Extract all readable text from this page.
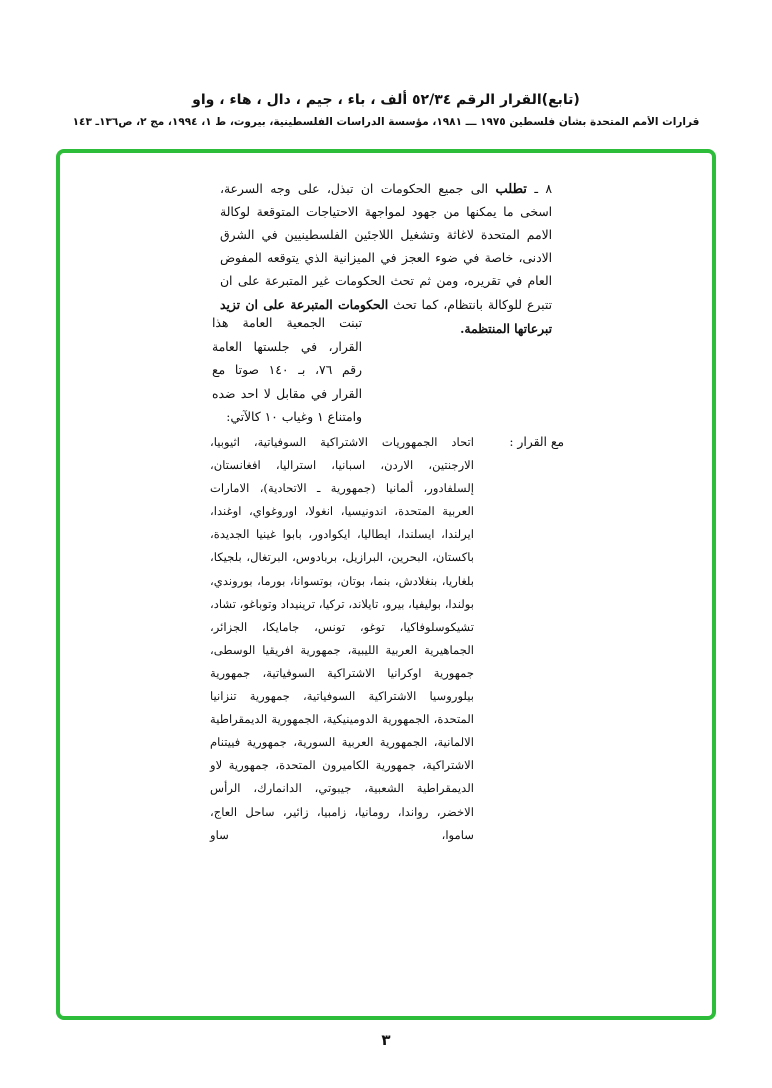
(تابع)القرار الرقم ٥٢/٣٤ ألف ، باء ، جيم ، دال ، هاء ، واو
قرارات الأمم المتحدة بشأن فلسطين ١٩٧٥ ـــ ١٩٨١، مؤسسة الدراسات الفلسطينية، بيروت، ط ١، ١٩٩٤، مج ٢، ص١٣٦ـ ١٤٣
٨ ـ تطلب الى جميع الحكومات ان تبذل، على وجه السرعة، اسخى ما يمكنها من جهود لمواجهة الاحتياجات المتوقعة لوكالة الامم المتحدة لاغاثة وتشغيل اللاجئين الفلسطينيين في الشرق الادنى، خاصة في ضوء العجز في الميزانية الذي يتوقعه المفوض العام في تقريره، ومن ثم تحث الحكومات غير المتبرعة على ان تتبرع للوكالة بانتظام، كما تحث الحكومات المتبرعة على ان تزيد تبرعاتها المنتظمة.
تبنت الجمعية العامة هذا القرار، في جلستها العامة رقم ٧٦، بـ ١٤٠ صوتا مع القرار في مقابل لا احد ضده وامتناع ١ وغياب ١٠ كالآتي:
مع القرار :
اتحاد الجمهوريات الاشتراكية السوفياتية، اثيوبيا، الارجنتين، الاردن، اسبانيا، استراليا، افغانستان، إلسلفادور، ألمانيا (جمهورية ـ الاتحادية)، الامارات العربية المتحدة، اندونيسيا، انغولا، اوروغواي، اوغندا، ايرلندا، ايسلندا، ايطاليا، ايكوادور، بابوا غينيا الجديدة، باكستان، البحرين، البرازيل، بربادوس، البرتغال، بلجيكا، بلغاريا، بنغلادش، بنما، بوتان، بوتسوانا، بورما، بوروندي، بولندا، بوليفيا، بيرو، تايلاند، تركيا، ترينيداد وتوباغو، تشاد، تشيكوسلوفاكيا، توغو، تونس، جامايكا، الجزائر، الجماهيرية العربية الليبية، جمهورية افريقيا الوسطى، جمهورية اوكرانيا الاشتراكية السوفياتية، جمهورية بيلوروسيا الاشتراكية السوفياتية، جمهورية تنزانيا المتحدة، الجمهورية الدومينيكية، الجمهورية الديمقراطية الالمانية، الجمهورية العربية السورية، جمهورية فييتنام الاشتراكية، جمهورية الكاميرون المتحدة، جمهورية لاو الديمقراطية الشعبية، جيبوتي، الدانمارك، الرأس الاخضر، رواندا، رومانيا، زامبيا، زائير، ساحل العاج، ساموا، ساو
٣
